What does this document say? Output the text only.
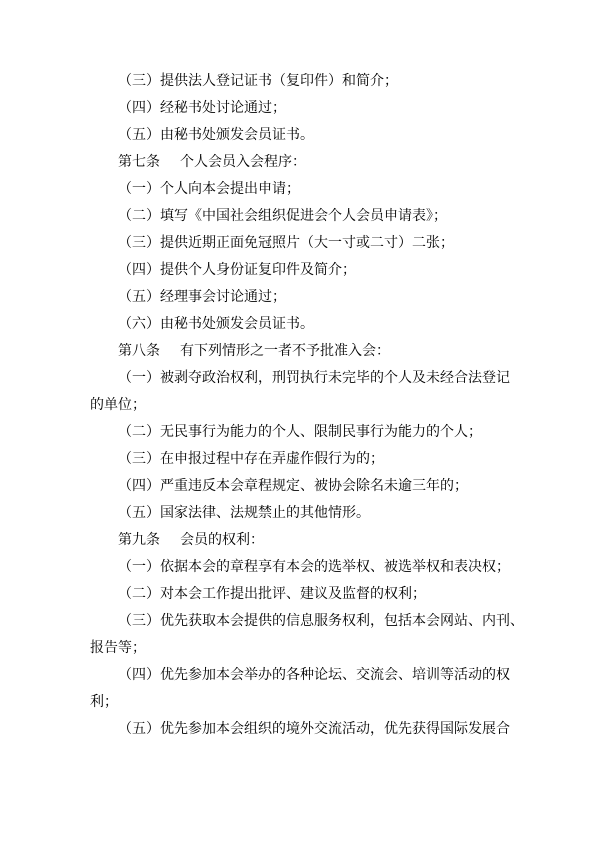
（三）提供法人登记证书（复印件）和简介；
（四）经秘书处讨论通过；
（五）由秘书处颁发会员证书。
第七条 个人会员入会程序：
（一）个人向本会提出申请；
（二）填写《中国社会组织促进会个人会员申请表》；
（三）提供近期正面免冠照片（大一寸或二寸）二张；
（四）提供个人身份证复印件及简介；
（五）经理事会讨论通过；
（六）由秘书处颁发会员证书。
第八条 有下列情形之一者不予批准入会：
（一）被剥夺政治权利，刑罚执行未完毕的个人及未经合法登记
的单位；
（二）无民事行为能力的个人、限制民事行为能力的个人；
（三）在申报过程中存在弄虚作假行为的；
（四）严重违反本会章程规定、被协会除名未逾三年的；
（五）国家法律、法规禁止的其他情形。
第九条 会员的权利：
（一）依据本会的章程享有本会的选举权、被选举权和表决权；
（二）对本会工作提出批评、建议及监督的权利；
（三）优先获取本会提供的信息服务权利，包括本会网站、内刊、
报告等；
（四）优先参加本会举办的各种论坛、交流会、培训等活动的权
利；
（五）优先参加本会组织的境外交流活动，优先获得国际发展合
